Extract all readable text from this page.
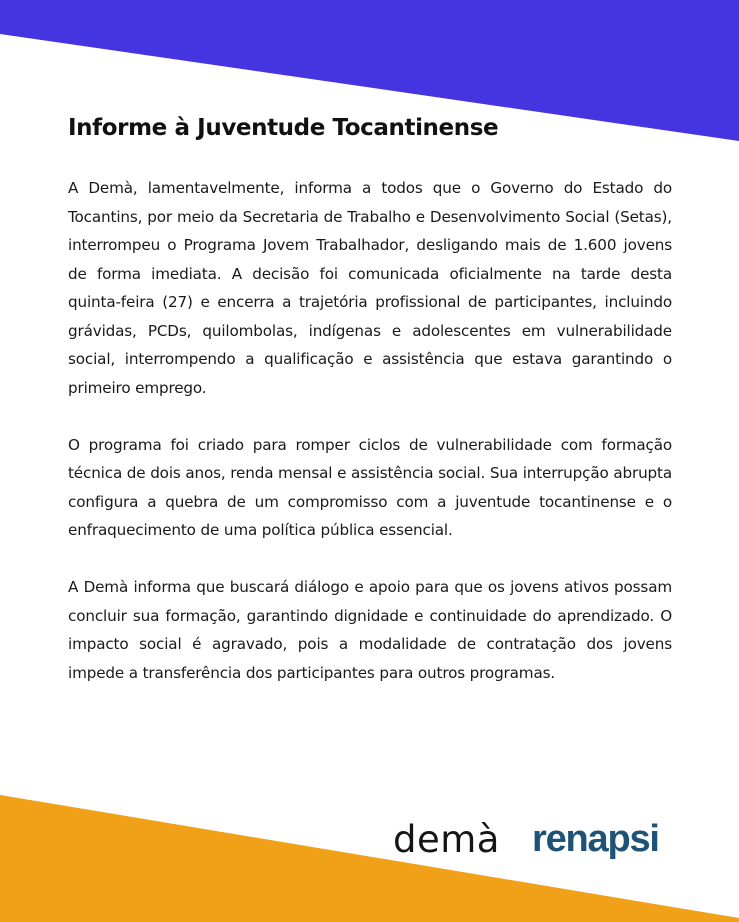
Informe à Juventude Tocantinense

A Demà, lamentavelmente, informa a todos que o Governo do Estado do Tocantins, por meio da Secretaria de Trabalho e Desenvolvimento Social (Setas), interrompeu o Programa Jovem Trabalhador, desligando mais de 1.600 jovens de forma imediata. A decisão foi comunicada oficialmente na tarde desta quinta-feira (27) e encerra a trajetória profissional de participantes, incluindo grávidas, PCDs, quilombolas, indígenas e adolescentes em vulnerabilidade social, interrompendo a qualificação e assistência que estava garantindo o primeiro emprego.

O programa foi criado para romper ciclos de vulnerabilidade com formação técnica de dois anos, renda mensal e assistência social. Sua interrupção abrupta configura a quebra de um compromisso com a juventude tocantinense e o enfraquecimento de uma política pública essencial.

A Demà informa que buscará diálogo e apoio para que os jovens ativos possam concluir sua formação, garantindo dignidade e continuidade do aprendizado. O impacto social é agravado, pois a modalidade de contratação dos jovens impede a transferência dos participantes para outros programas.

demà renapsi
